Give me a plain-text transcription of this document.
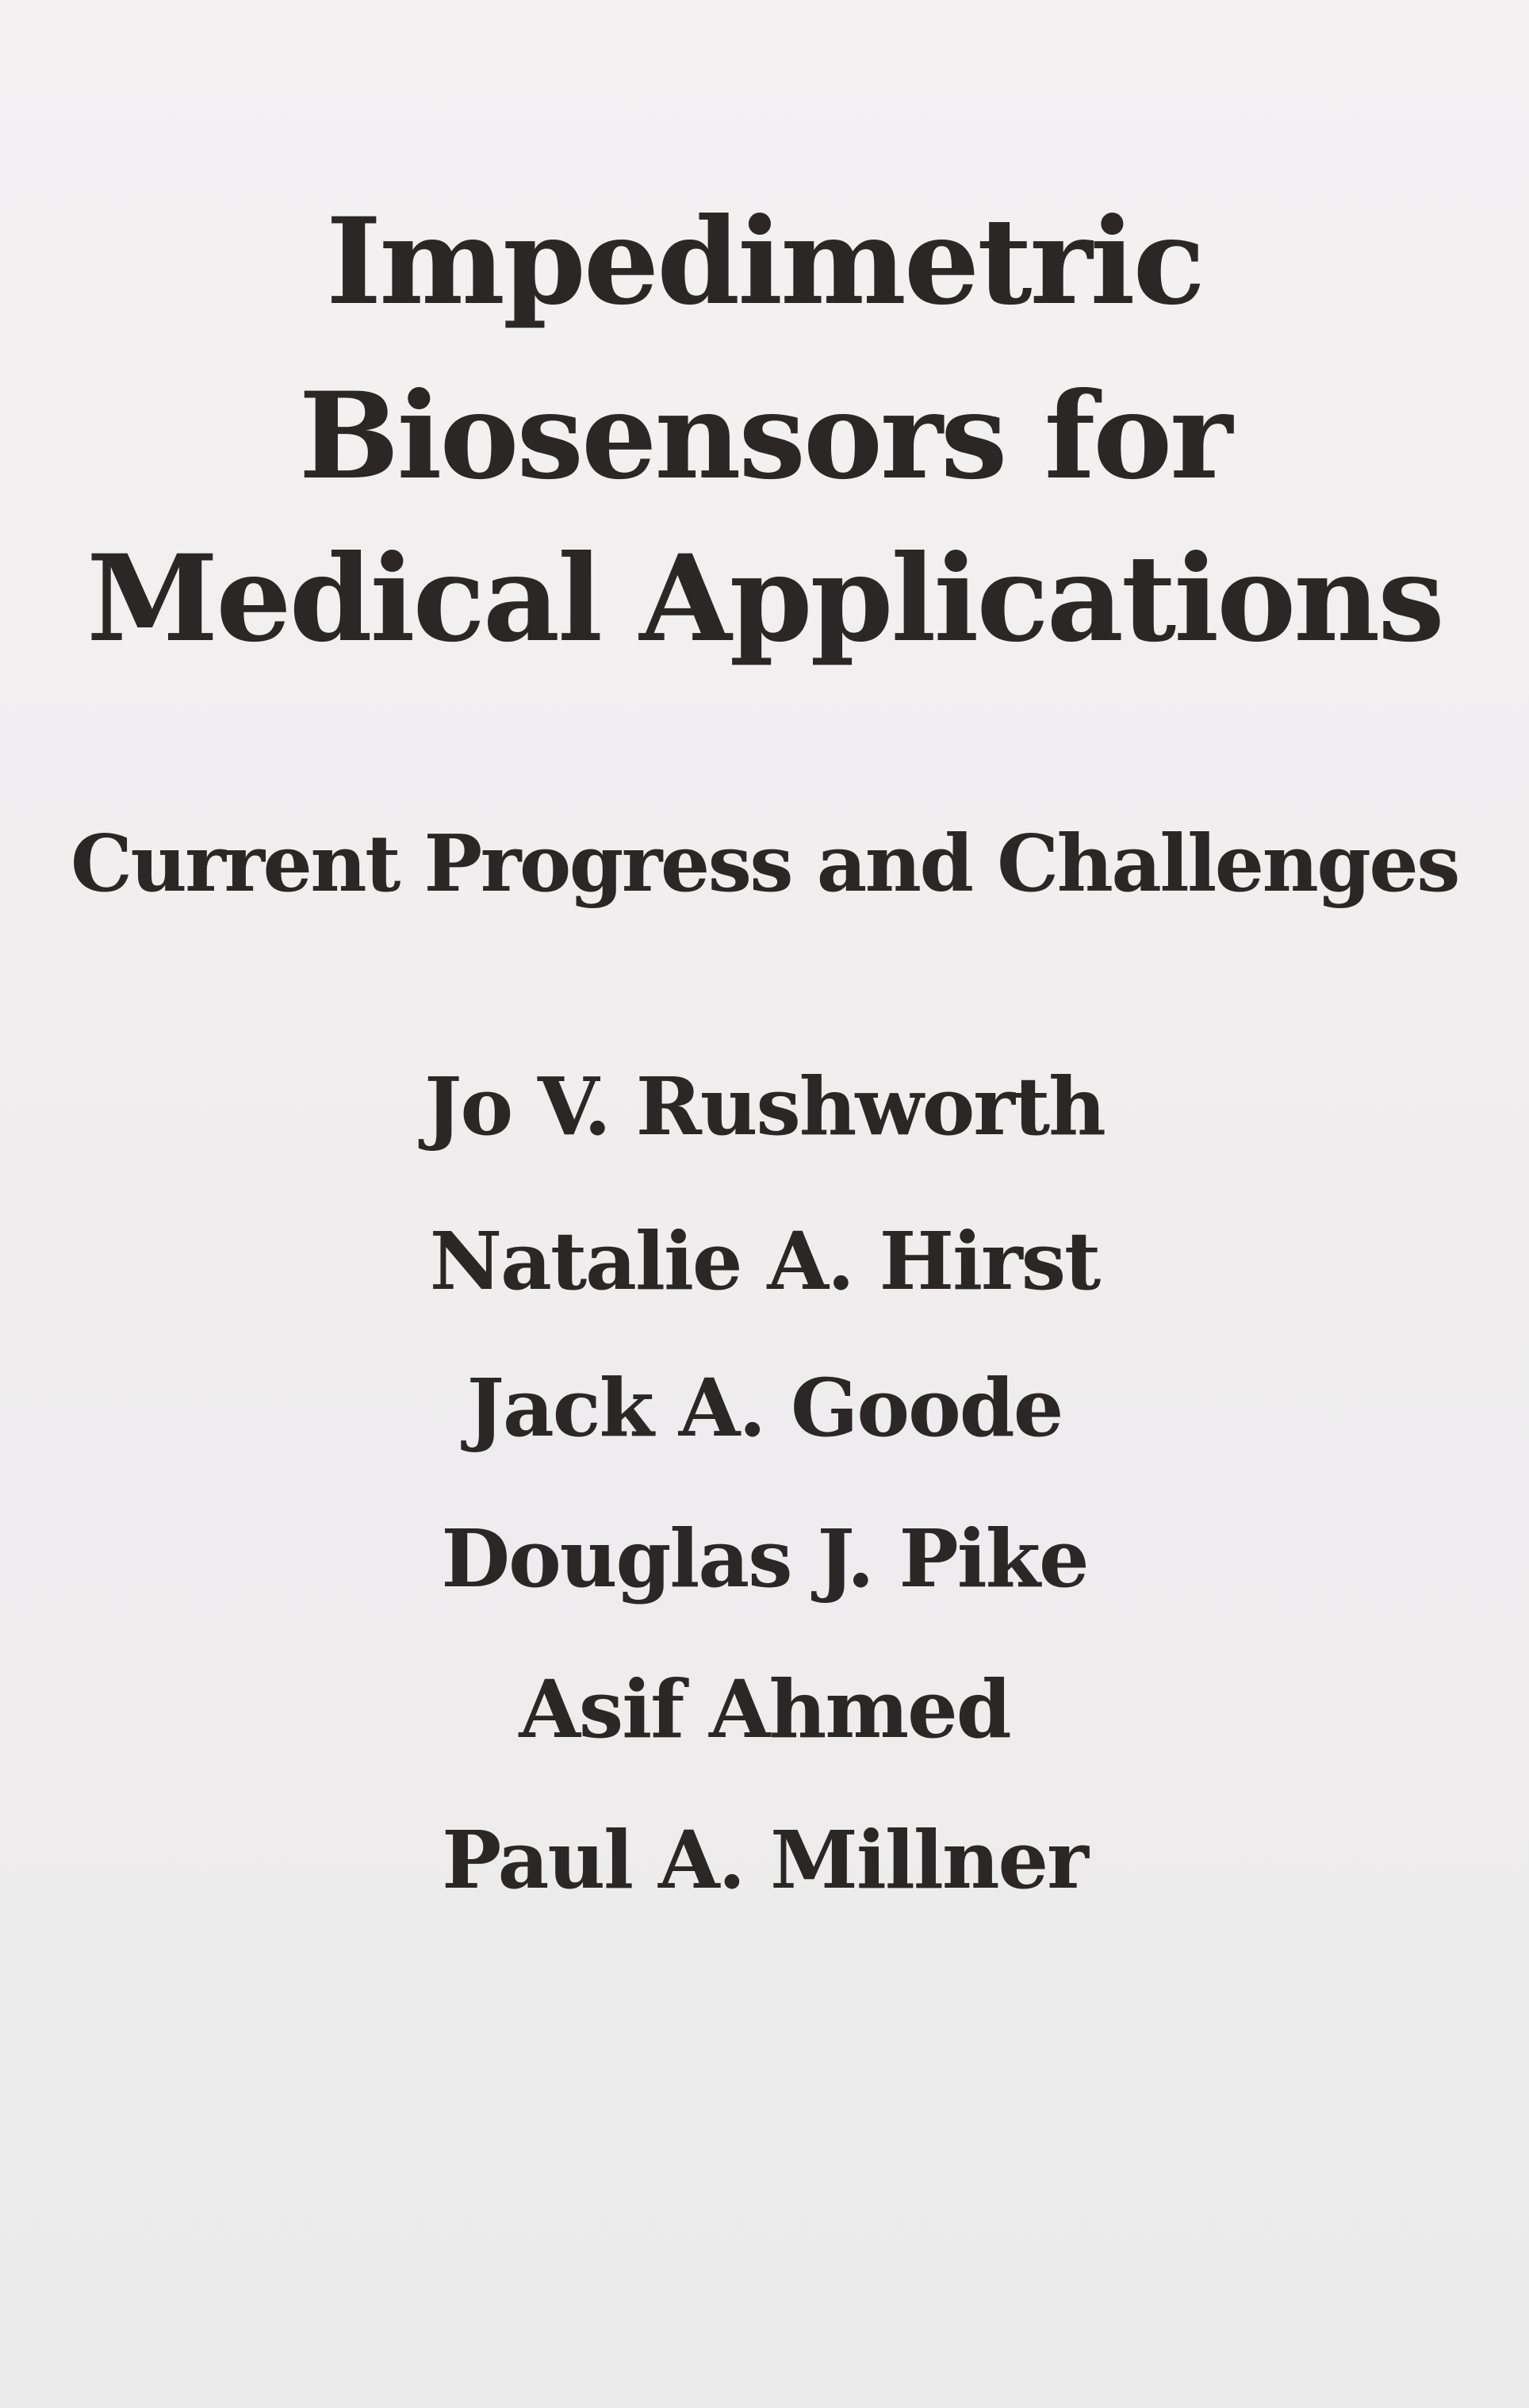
Impedimetric
Biosensors for
Medical Applications
Current Progress and Challenges
Jo V. Rushworth
Natalie A. Hirst
Jack A. Goode
Douglas J. Pike
Asif Ahmed
Paul A. Millner
